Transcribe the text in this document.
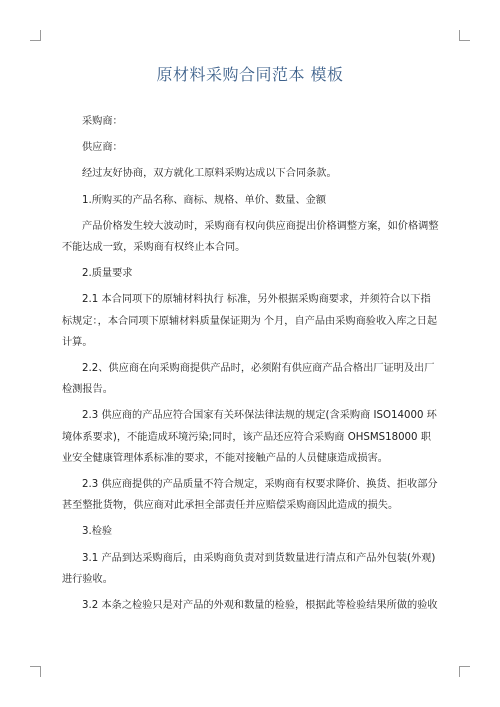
原材料采购合同范本 模板

采购商：

供应商：

经过友好协商，双方就化工原料采购达成以下合同条款。

1.所购买的产品名称、商标、规格、单价、数量、金额

产品价格发生较大波动时，采购商有权向供应商提出价格调整方案，如价格调整不能达成一致，采购商有权终止本合同。

2.质量要求

2.1 本合同项下的原辅材料执行 标准，另外根据采购商要求，并须符合以下指标规定：，本合同项下原辅材料质量保证期为 个月，自产品由采购商验收入库之日起计算。

2.2、供应商在向采购商提供产品时，必须附有供应商产品合格出厂证明及出厂检测报告。

2.3 供应商的产品应符合国家有关环保法律法规的规定(含采购商 ISO14000 环境体系要求)，不能造成环境污染;同时，该产品还应符合采购商 OHSMS18000 职业安全健康管理体系标准的要求，不能对接触产品的人员健康造成损害。

2.3 供应商提供的产品质量不符合规定，采购商有权要求降价、换货、拒收部分甚至整批货物，供应商对此承担全部责任并应赔偿采购商因此造成的损失。

3.检验

3.1 产品到达采购商后，由采购商负责对到货数量进行清点和产品外包装(外观)进行验收。

3.2 本条之检验只是对产品的外观和数量的检验，根据此等检验结果所做的验收
